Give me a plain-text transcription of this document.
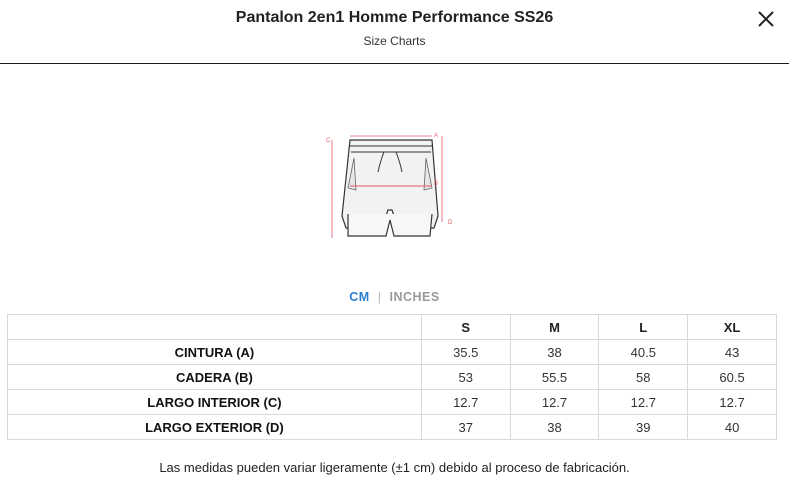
Pantalon 2en1 Homme Performance SS26
Size Charts
A
C
B
D
CM | INCHES
	S	M	L	XL
CINTURA (A)	35.5	38	40.5	43
CADERA (B)	53	55.5	58	60.5
LARGO INTERIOR (C)	12.7	12.7	12.7	12.7
LARGO EXTERIOR (D)	37	38	39	40
Las medidas pueden variar ligeramente (±1 cm) debido al proceso de fabricación.
